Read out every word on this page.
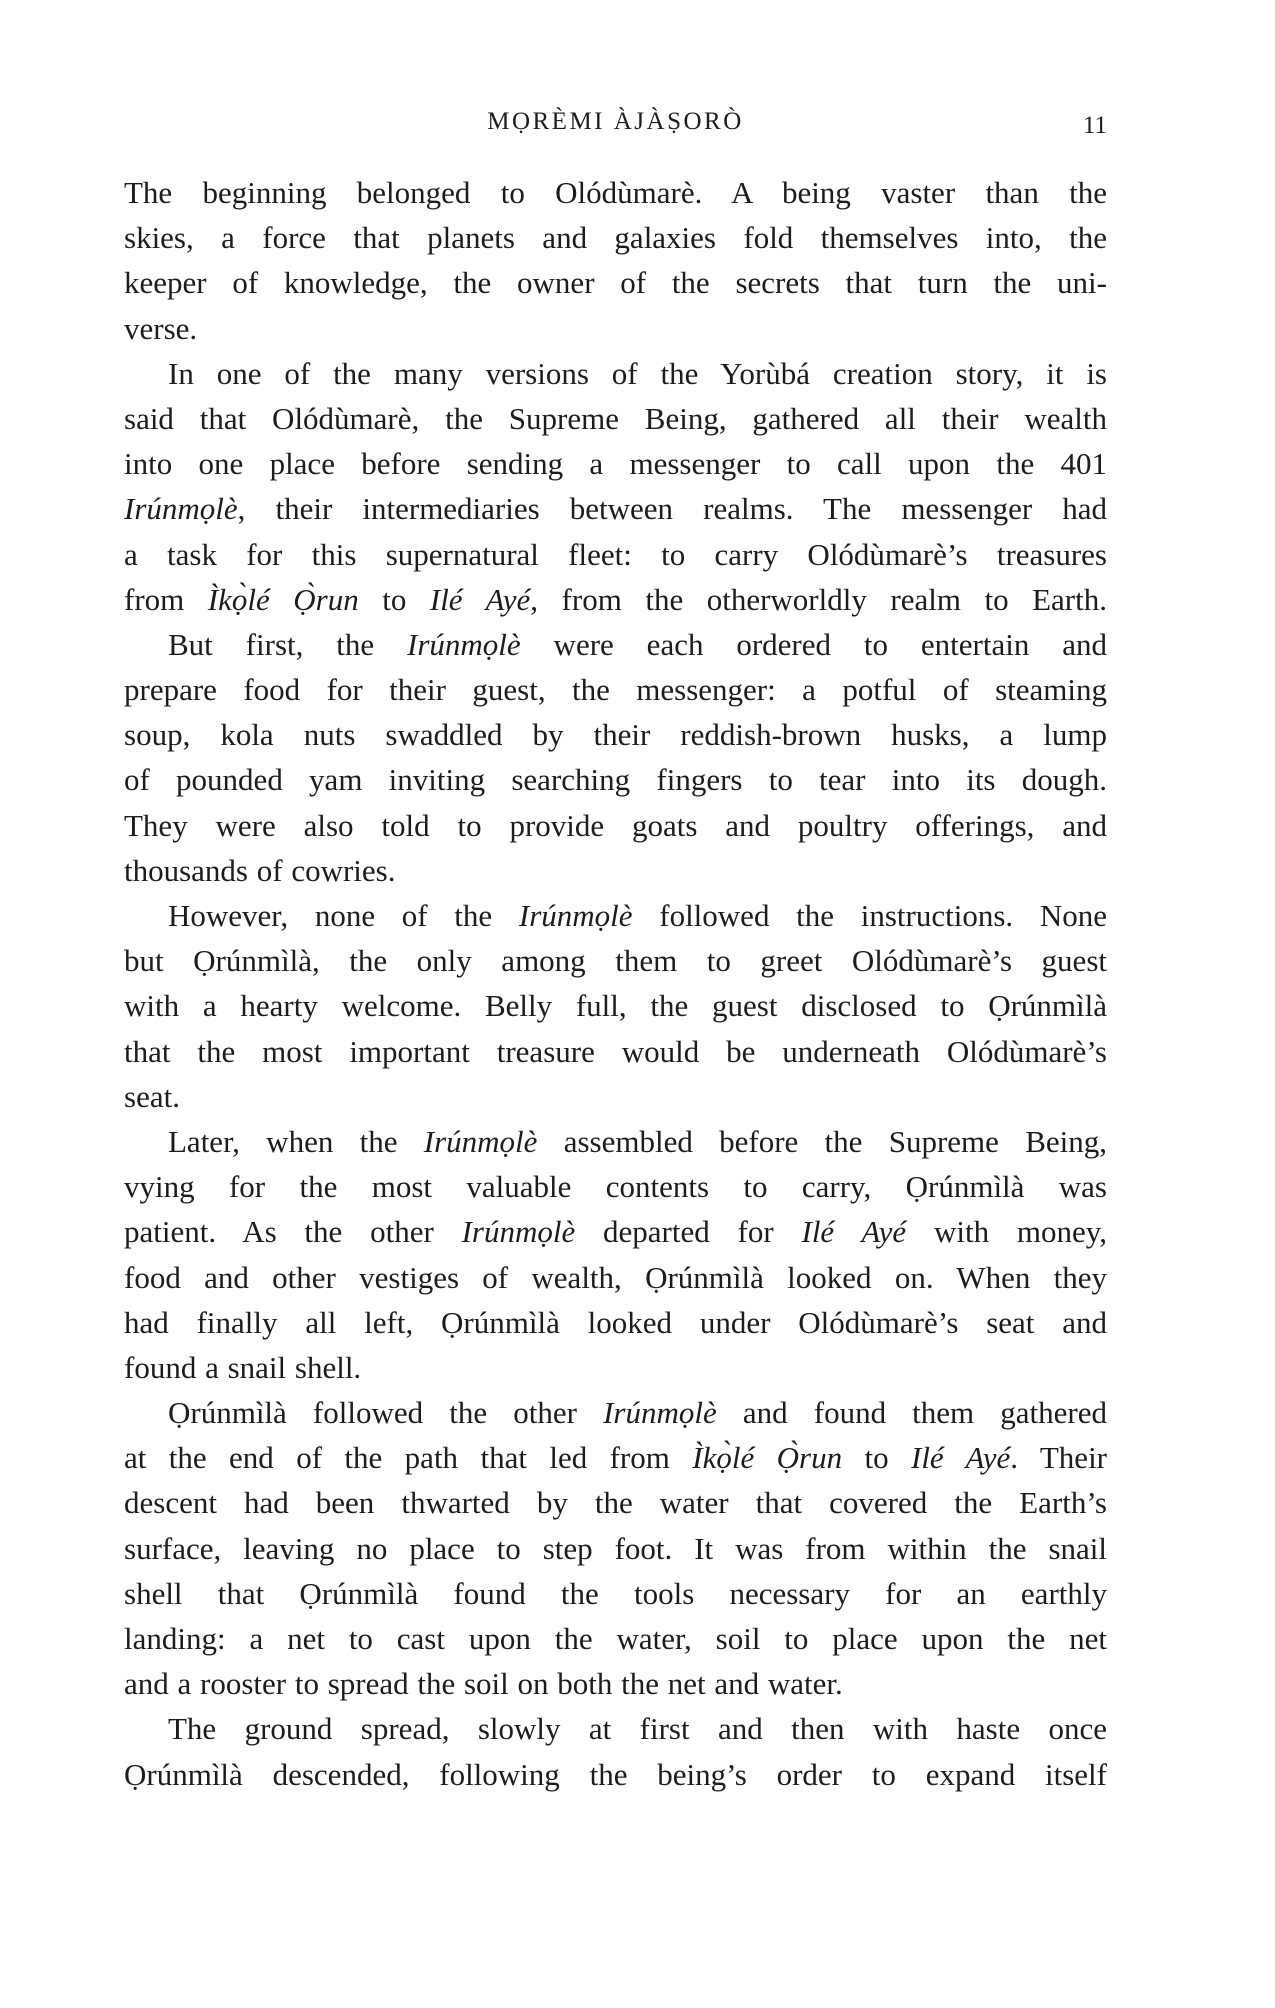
MỌRÈMI ÀJÀṢORÒ	11
The beginning belonged to Olódùmarè. A being vaster than the
skies, a force that planets and galaxies fold themselves into, the
keeper of knowledge, the owner of the secrets that turn the uni-
verse.
In one of the many versions of the Yorùbá creation story, it is
said that Olódùmarè, the Supreme Being, gathered all their wealth
into one place before sending a messenger to call upon the 401
Irúnmọlè, their intermediaries between realms. The messenger had
a task for this supernatural fleet: to carry Olódùmarè’s treasures
from Ìkọ̀lé Ọ̀run to Ilé Ayé, from the otherworldly realm to Earth.
But first, the Irúnmọlè were each ordered to entertain and
prepare food for their guest, the messenger: a potful of steaming
soup, kola nuts swaddled by their reddish-brown husks, a lump
of pounded yam inviting searching fingers to tear into its dough.
They were also told to provide goats and poultry offerings, and
thousands of cowries.
However, none of the Irúnmọlè followed the instructions. None
but Ọrúnmìlà, the only among them to greet Olódùmarè’s guest
with a hearty welcome. Belly full, the guest disclosed to Ọrúnmìlà
that the most important treasure would be underneath Olódùmarè’s
seat.
Later, when the Irúnmọlè assembled before the Supreme Being,
vying for the most valuable contents to carry, Ọrúnmìlà was
patient. As the other Irúnmọlè departed for Ilé Ayé with money,
food and other vestiges of wealth, Ọrúnmìlà looked on. When they
had finally all left, Ọrúnmìlà looked under Olódùmarè’s seat and
found a snail shell.
Ọrúnmìlà followed the other Irúnmọlè and found them gathered
at the end of the path that led from Ìkọ̀lé Ọ̀run to Ilé Ayé. Their
descent had been thwarted by the water that covered the Earth’s
surface, leaving no place to step foot. It was from within the snail
shell that Ọrúnmìlà found the tools necessary for an earthly
landing: a net to cast upon the water, soil to place upon the net
and a rooster to spread the soil on both the net and water.
The ground spread, slowly at first and then with haste once
Ọrúnmìlà descended, following the being’s order to expand itself
